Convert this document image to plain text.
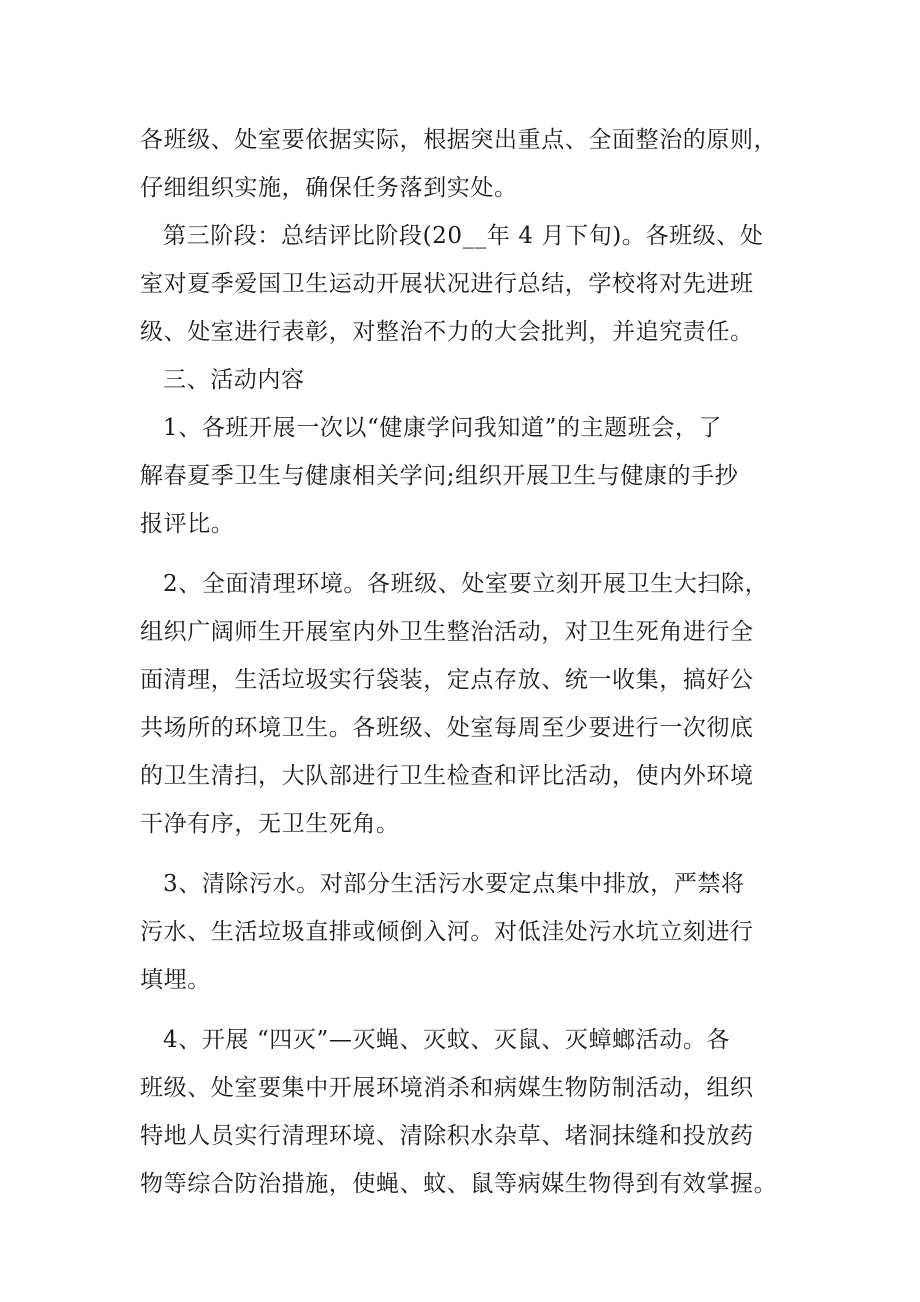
各班级、处室要依据实际，根据突出重点、全面整治的原则，
仔细组织实施，确保任务落到实处。
第三阶段：总结评比阶段(20__年 4 月下旬)。各班级、处
室对夏季爱国卫生运动开展状况进行总结，学校将对先进班
级、处室进行表彰，对整治不力的大会批判，并追究责任。
三、活动内容
1、各班开展一次以“健康学问我知道”的主题班会，了
解春夏季卫生与健康相关学问;组织开展卫生与健康的手抄
报评比。
2、全面清理环境。各班级、处室要立刻开展卫生大扫除，
组织广阔师生开展室内外卫生整治活动，对卫生死角进行全
面清理，生活垃圾实行袋装，定点存放、统一收集，搞好公
共场所的环境卫生。各班级、处室每周至少要进行一次彻底
的卫生清扫，大队部进行卫生检查和评比活动，使内外环境
干净有序，无卫生死角。
3、清除污水。对部分生活污水要定点集中排放，严禁将
污水、生活垃圾直排或倾倒入河。对低洼处污水坑立刻进行
填埋。
4、开展 “四灭”—灭蝇、灭蚊、灭鼠、灭蟑螂活动。各
班级、处室要集中开展环境消杀和病媒生物防制活动，组织
特地人员实行清理环境、清除积水杂草、堵洞抹缝和投放药
物等综合防治措施，使蝇、蚊、鼠等病媒生物得到有效掌握。
